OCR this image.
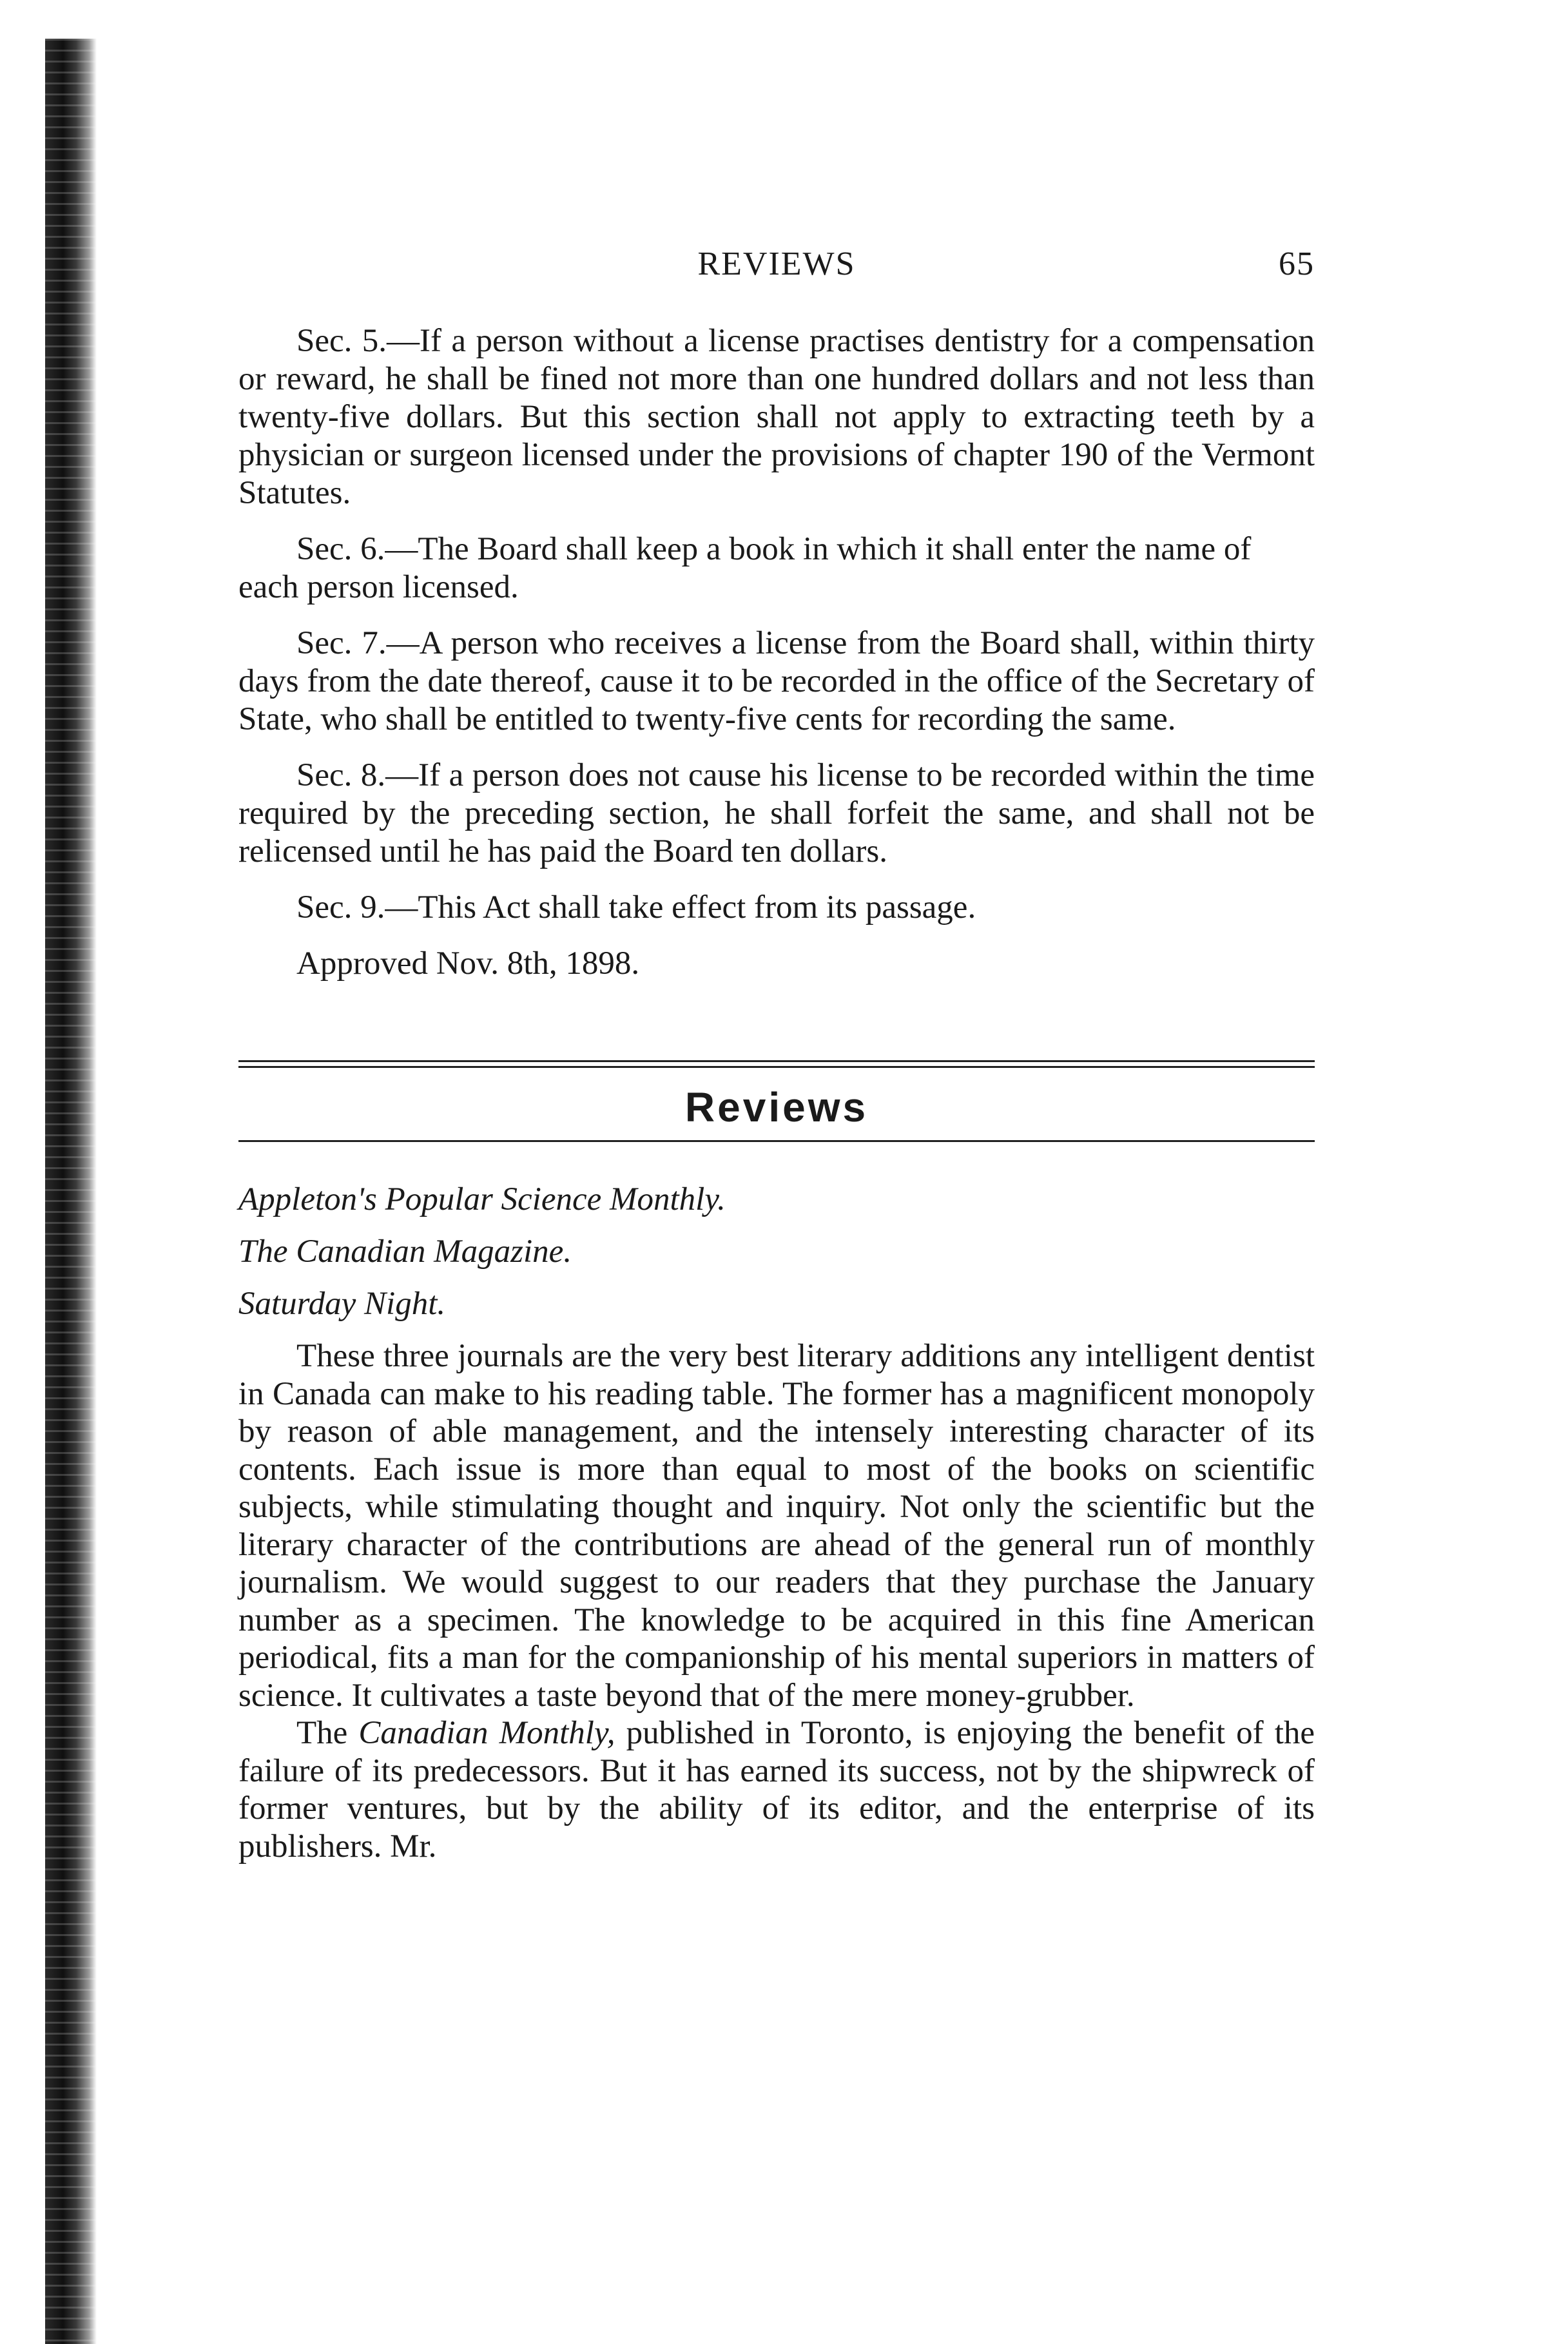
REVIEWS	65

Sec. 5.—If a person without a license practises dentistry for a compensation or reward, he shall be fined not more than one hundred dollars and not less than twenty-five dollars. But this section shall not apply to extracting teeth by a physician or surgeon licensed under the provisions of chapter 190 of the Vermont Statutes.

Sec. 6.—The Board shall keep a book in which it shall enter the name of each person licensed.

Sec. 7.—A person who receives a license from the Board shall, within thirty days from the date thereof, cause it to be recorded in the office of the Secretary of State, who shall be entitled to twenty-five cents for recording the same.

Sec. 8.—If a person does not cause his license to be recorded within the time required by the preceding section, he shall forfeit the same, and shall not be relicensed until he has paid the Board ten dollars.

Sec. 9.—This Act shall take effect from its passage.

Approved Nov. 8th, 1898.

Reviews
Appleton's Popular Science Monthly.
The Canadian Magazine.
Saturday Night.

These three journals are the very best literary additions any intelligent dentist in Canada can make to his reading table. The former has a magnificent monopoly by reason of able management, and the intensely interesting character of its contents. Each issue is more than equal to most of the books on scientific subjects, while stimulating thought and inquiry. Not only the scientific but the literary character of the contributions are ahead of the general run of monthly journalism. We would suggest to our readers that they purchase the January number as a specimen. The knowledge to be acquired in this fine American periodical, fits a man for the companionship of his mental superiors in matters of science. It cultivates a taste beyond that of the mere money-grubber.

The Canadian Monthly, published in Toronto, is enjoying the benefit of the failure of its predecessors. But it has earned its success, not by the shipwreck of former ventures, but by the ability of its editor, and the enterprise of its publishers. Mr.
